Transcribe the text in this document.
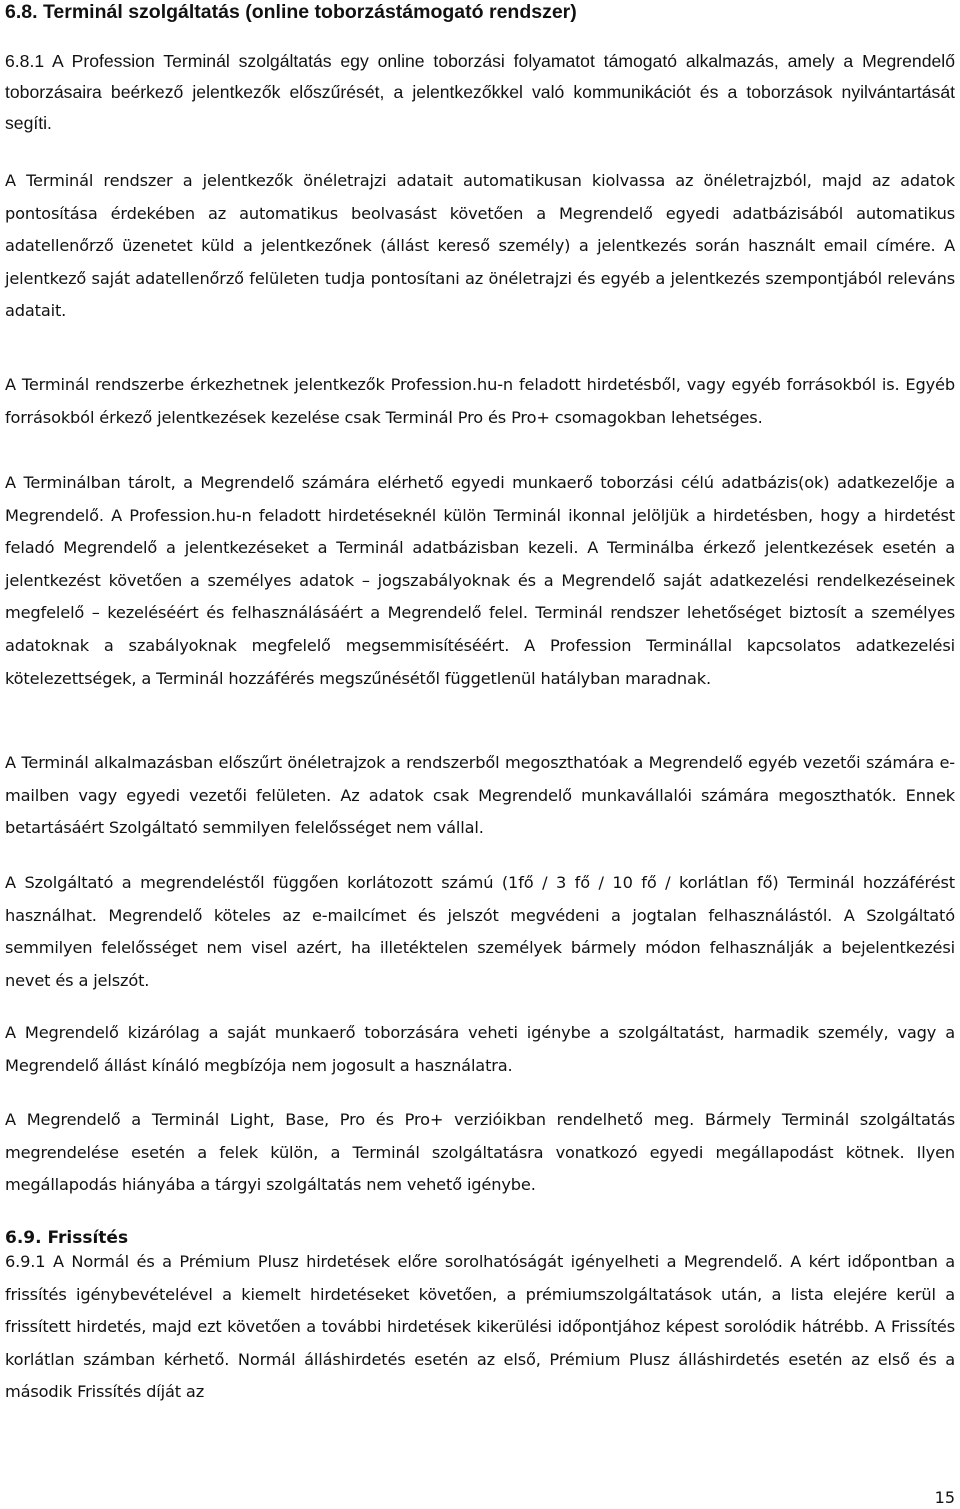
6.8. Terminál szolgáltatás (online toborzástámogató rendszer)

6.8.1 A Profession Terminál szolgáltatás egy online toborzási folyamatot támogató alkalmazás, amely a Megrendelő toborzásaira beérkező jelentkezők előszűrését, a jelentkezőkkel való kommunikációt és a toborzások nyilvántartását segíti.

A Terminál rendszer a jelentkezők önéletrajzi adatait automatikusan kiolvassa az önéletrajzból, majd az adatok pontosítása érdekében az automatikus beolvasást követően a Megrendelő egyedi adatbázisából automatikus adatellenőrző üzenetet küld a jelentkezőnek (állást kereső személy) a jelentkezés során használt email címére. A jelentkező saját adatellenőrző felületen tudja pontosítani az önéletrajzi és egyéb a jelentkezés szempontjából releváns adatait.

A Terminál rendszerbe érkezhetnek jelentkezők Profession.hu-n feladott hirdetésből, vagy egyéb forrásokból is. Egyéb forrásokból érkező jelentkezések kezelése csak Terminál Pro és Pro+ csomagokban lehetséges.

A Terminálban tárolt, a Megrendelő számára elérhető egyedi munkaerő toborzási célú adatbázis(ok) adatkezelője a Megrendelő. A Profession.hu-n feladott hirdetéseknél külön Terminál ikonnal jelöljük a hirdetésben, hogy a hirdetést feladó Megrendelő a jelentkezéseket a Terminál adatbázisban kezeli. A Terminálba érkező jelentkezések esetén a jelentkezést követően a személyes adatok – jogszabályoknak és a Megrendelő saját adatkezelési rendelkezéseinek megfelelő – kezeléséért és felhasználásáért a Megrendelő felel. Terminál rendszer lehetőséget biztosít a személyes adatoknak a szabályoknak megfelelő megsemmisítéséért. A Profession Terminállal kapcsolatos adatkezelési kötelezettségek, a Terminál hozzáférés megszűnésétől függetlenül hatályban maradnak.

A Terminál alkalmazásban előszűrt önéletrajzok a rendszerből megoszthatóak a Megrendelő egyéb vezetői számára e-mailben vagy egyedi vezetői felületen. Az adatok csak Megrendelő munkavállalói számára megoszthatók. Ennek betartásáért Szolgáltató semmilyen felelősséget nem vállal.

A Szolgáltató a megrendeléstől függően korlátozott számú (1fő / 3 fő / 10 fő / korlátlan fő) Terminál hozzáférést használhat. Megrendelő köteles az e-mailcímet és jelszót megvédeni a jogtalan felhasználástól. A Szolgáltató semmilyen felelősséget nem visel azért, ha illetéktelen személyek bármely módon felhasználják a bejelentkezési nevet és a jelszót.

A Megrendelő kizárólag a saját munkaerő toborzására veheti igénybe a szolgáltatást, harmadik személy, vagy a Megrendelő állást kínáló megbízója nem jogosult a használatra.

A Megrendelő a Terminál Light, Base, Pro és Pro+ verzióikban rendelhető meg. Bármely Terminál szolgáltatás megrendelése esetén a felek külön, a Terminál szolgáltatásra vonatkozó egyedi megállapodást kötnek. Ilyen megállapodás hiányába a tárgyi szolgáltatás nem vehető igénybe.

6.9. Frissítés

6.9.1 A Normál és a Prémium Plusz hirdetések előre sorolhatóságát igényelheti a Megrendelő. A kért időpontban a frissítés igénybevételével a kiemelt hirdetéseket követően, a prémiumszolgáltatások után, a lista elejére kerül a frissített hirdetés, majd ezt követően a további hirdetések kikerülési időpontjához képest sorolódik hátrébb. A Frissítés korlátlan számban kérhető. Normál álláshirdetés esetén az első, Prémium Plusz álláshirdetés esetén az első és a második Frissítés díját az

15
